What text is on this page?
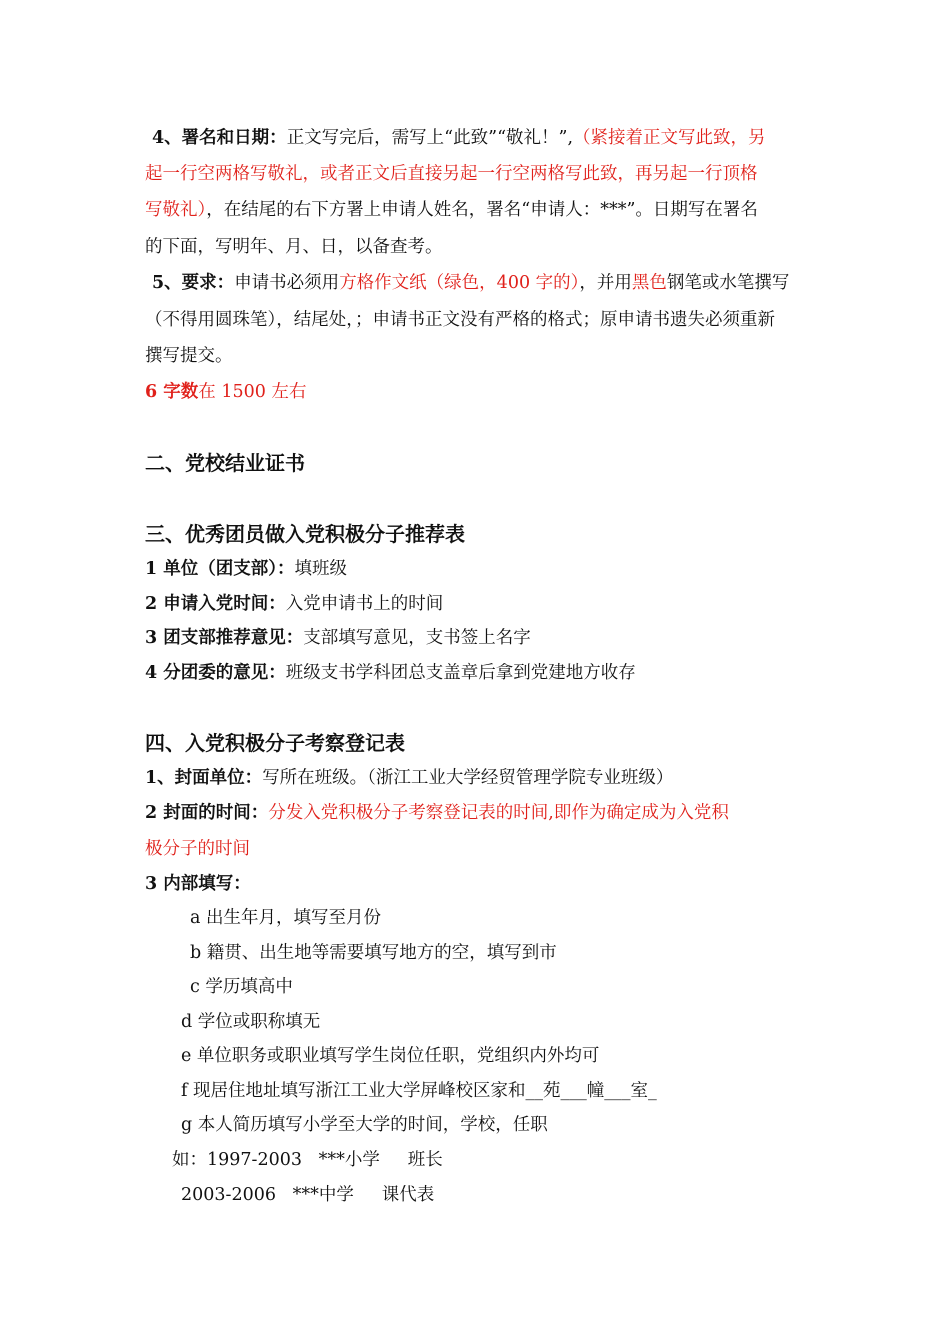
4、署名和日期：正文写完后，需写上“此致”“敬礼！”,（紧接着正文写此致，另
起一行空两格写敬礼，或者正文后直接另起一行空两格写此致，再另起一行顶格
写敬礼），在结尾的右下方署上申请人姓名，署名“申请人：***”。日期写在署名
的下面，写明年、月、日，以备查考。
5、要求：申请书必须用方格作文纸（绿色，400 字的），并用黑色钢笔或水笔撰写
（不得用圆珠笔），结尾处，；申请书正文没有严格的格式；原申请书遗失必须重新
撰写提交。
6 字数在 1500 左右
二、党校结业证书
三、优秀团员做入党积极分子推荐表
1 单位（团支部）：填班级
2 申请入党时间：入党申请书上的时间
3 团支部推荐意见：支部填写意见，支书签上名字
4 分团委的意见：班级支书学科团总支盖章后拿到党建地方收存
四、入党积极分子考察登记表
1、封面单位：写所在班级。（浙江工业大学经贸管理学院专业班级）
2 封面的时间：分发入党积极分子考察登记表的时间,即作为确定成为入党积
极分子的时间
3 内部填写：
a 出生年月，填写至月份
b 籍贯、出生地等需要填写地方的空，填写到市
c 学历填高中
d 学位或职称填无
e 单位职务或职业填写学生岗位任职，党组织内外均可
f 现居住地址填写浙江工业大学屏峰校区家和__苑___幢___室_
g 本人简历填写小学至大学的时间，学校，任职
如：1997-2003   ***小学     班长
2003-2006   ***中学     课代表
